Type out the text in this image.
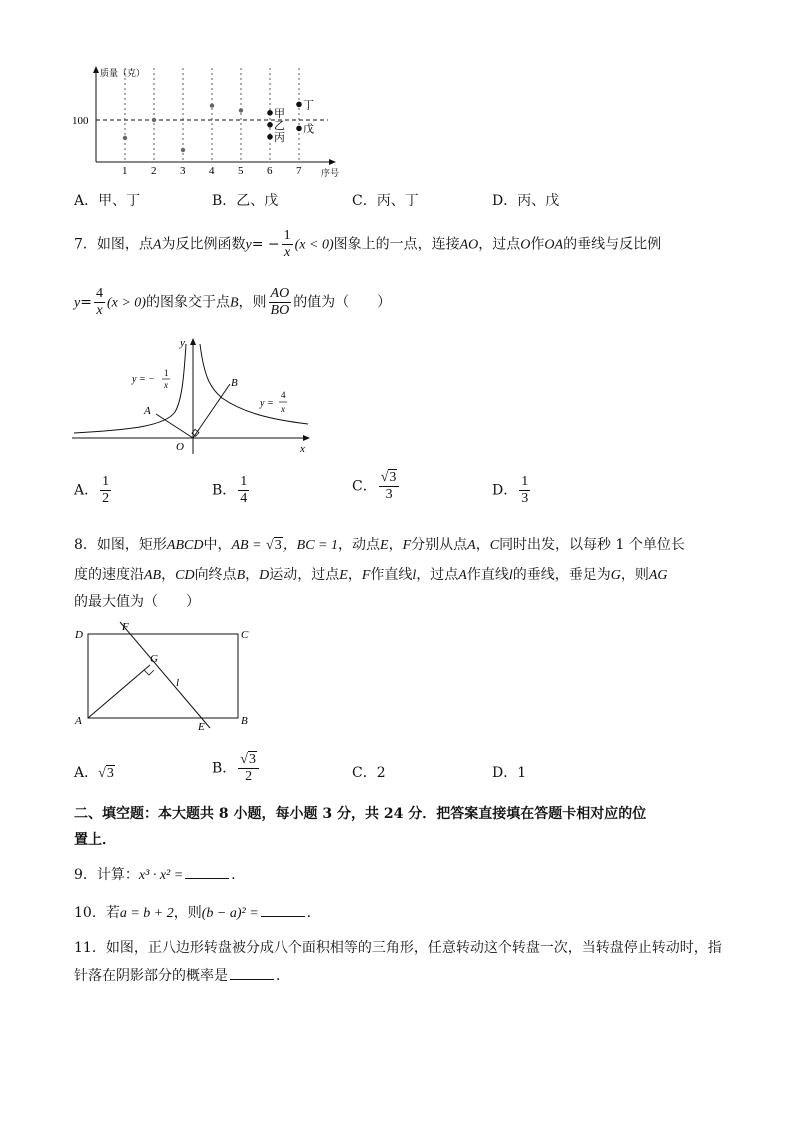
质量（克）
序号
100
1 2 3 4 5 6 7
甲
乙
丙
丁
戊
A．甲、丁	B．乙、戊	C．丙、丁	D．丙、戊
7．如图，点A为反比例函数$y= - \frac{1}{x} (x < 0)$图象上的一点，连接AO，过点O作OA的垂线与反比例
$y= \frac{4}{x} (x > 0)$的图象交于点B，则 $\frac{AO}{BO}$ 的值为（　　）
x
y
O
A
B
y = −
1
x
y =
4
x
A． $\frac{1}{2}$	B． $\frac{1}{4}$	C． $\frac{√3}{3}$	D． $\frac{1}{3}$
8．如图，矩形ABCD中，AB = √3，BC = 1，动点E，F分别从点A，C同时出发，以每秒 1 个单位长
度的速度沿AB，CD向终点B，D运动，过点E，F作直线l，过点A作直线l的垂线，垂足为G，则AG
的最大值为（　　）
D	C
A	B
F
E
G
l
A．√3	B． $\frac{√3}{2}$	C．2	D．1
二、填空题：本大题共 8 小题，每小题 3 分，共 24 分．把答案直接填在答题卡相对应的位
置上．
9．计算：x³ · x² =	．
10．若a = b + 2，则(b − a)² =	．
11．如图，正八边形转盘被分成八个面积相等的三角形，任意转动这个转盘一次，当转盘停止转动时，指
针落在阴影部分的概率是	．
